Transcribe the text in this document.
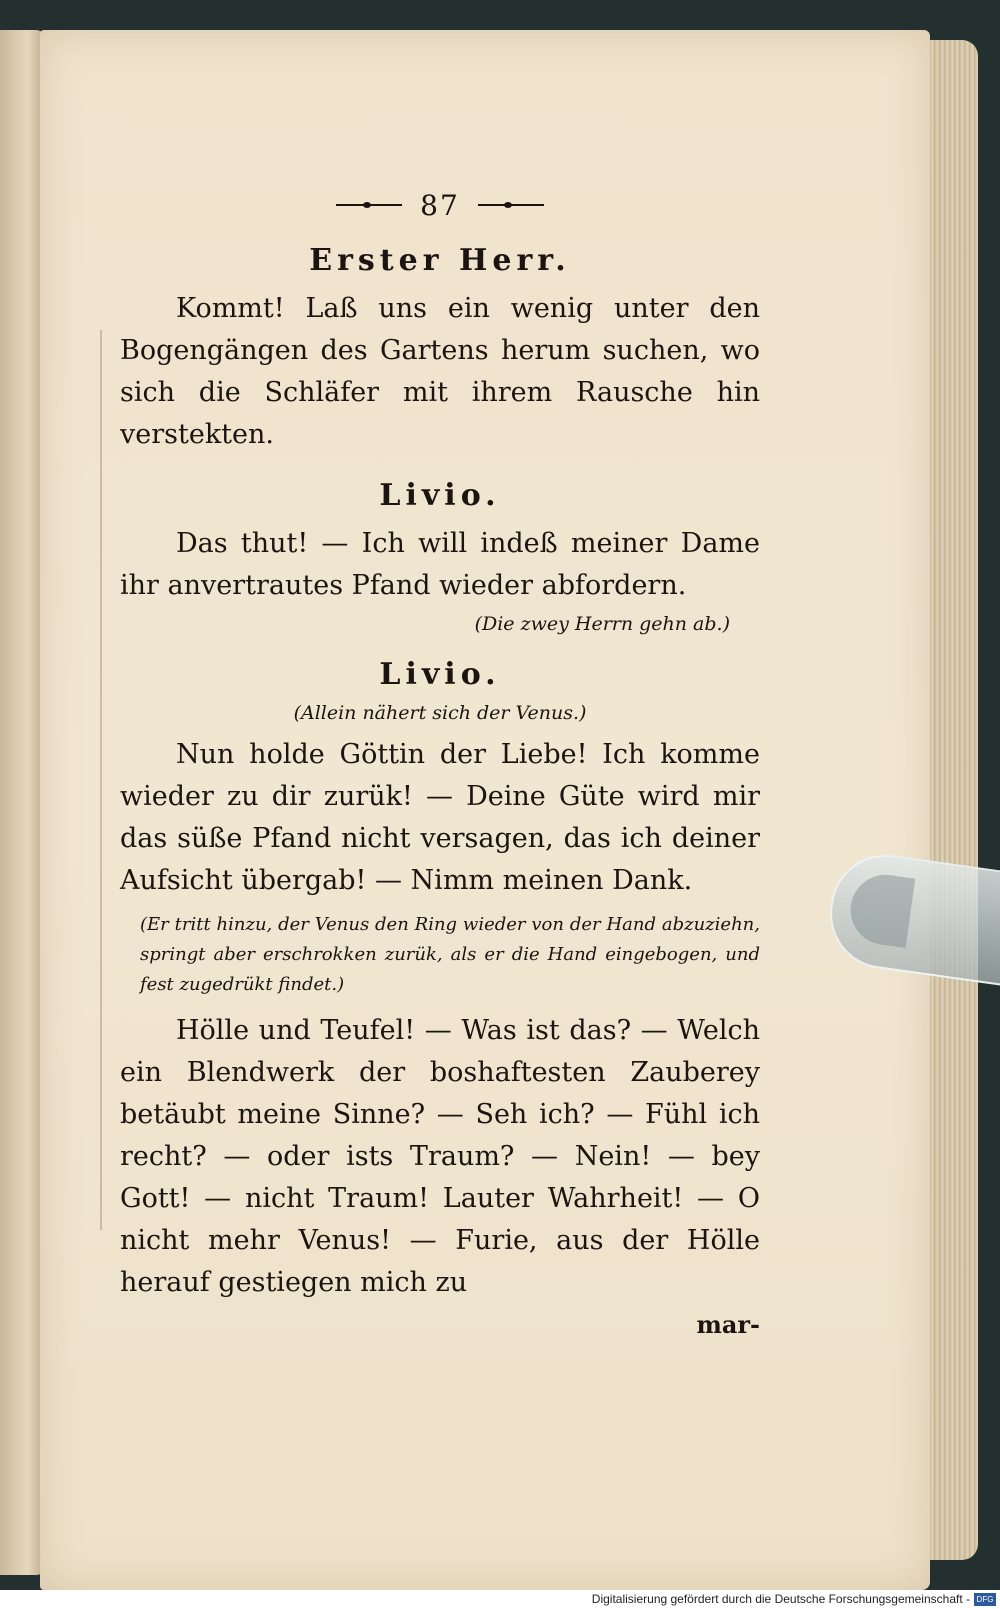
87
Erster Herr.

Kommt! Laß uns ein wenig unter den Bogengängen des Gartens herum suchen, wo sich die Schläfer mit ihrem Rausche hin verstekten.

Livio.

Das thut! — Ich will indeß meiner Dame ihr anvertrautes Pfand wieder abfordern.

(Die zwey Herrn gehn ab.)
Livio.
(Allein nähert sich der Venus.)

Nun holde Göttin der Liebe! Ich komme wieder zu dir zurük! — Deine Güte wird mir das süße Pfand nicht versagen, das ich deiner Aufsicht übergab! — Nimm meinen Dank.

(Er tritt hinzu, der Venus den Ring wieder von der Hand abzuziehn, springt aber erschrokken zurük, als er die Hand eingebogen, und fest zugedrükt findet.)

Hölle und Teufel! — Was ist das? — Welch ein Blendwerk der boshaftesten Zauberey betäubt meine Sinne? — Seh ich? — Fühl ich recht? — oder ists Traum? — Nein! — bey Gott! — nicht Traum! Lauter Wahrheit! — O nicht mehr Venus! — Furie, aus der Hölle herauf gestiegen mich zu

mar-
Digitalisierung gefördert durch die Deutsche Forschungsgemeinschaft - DFG
